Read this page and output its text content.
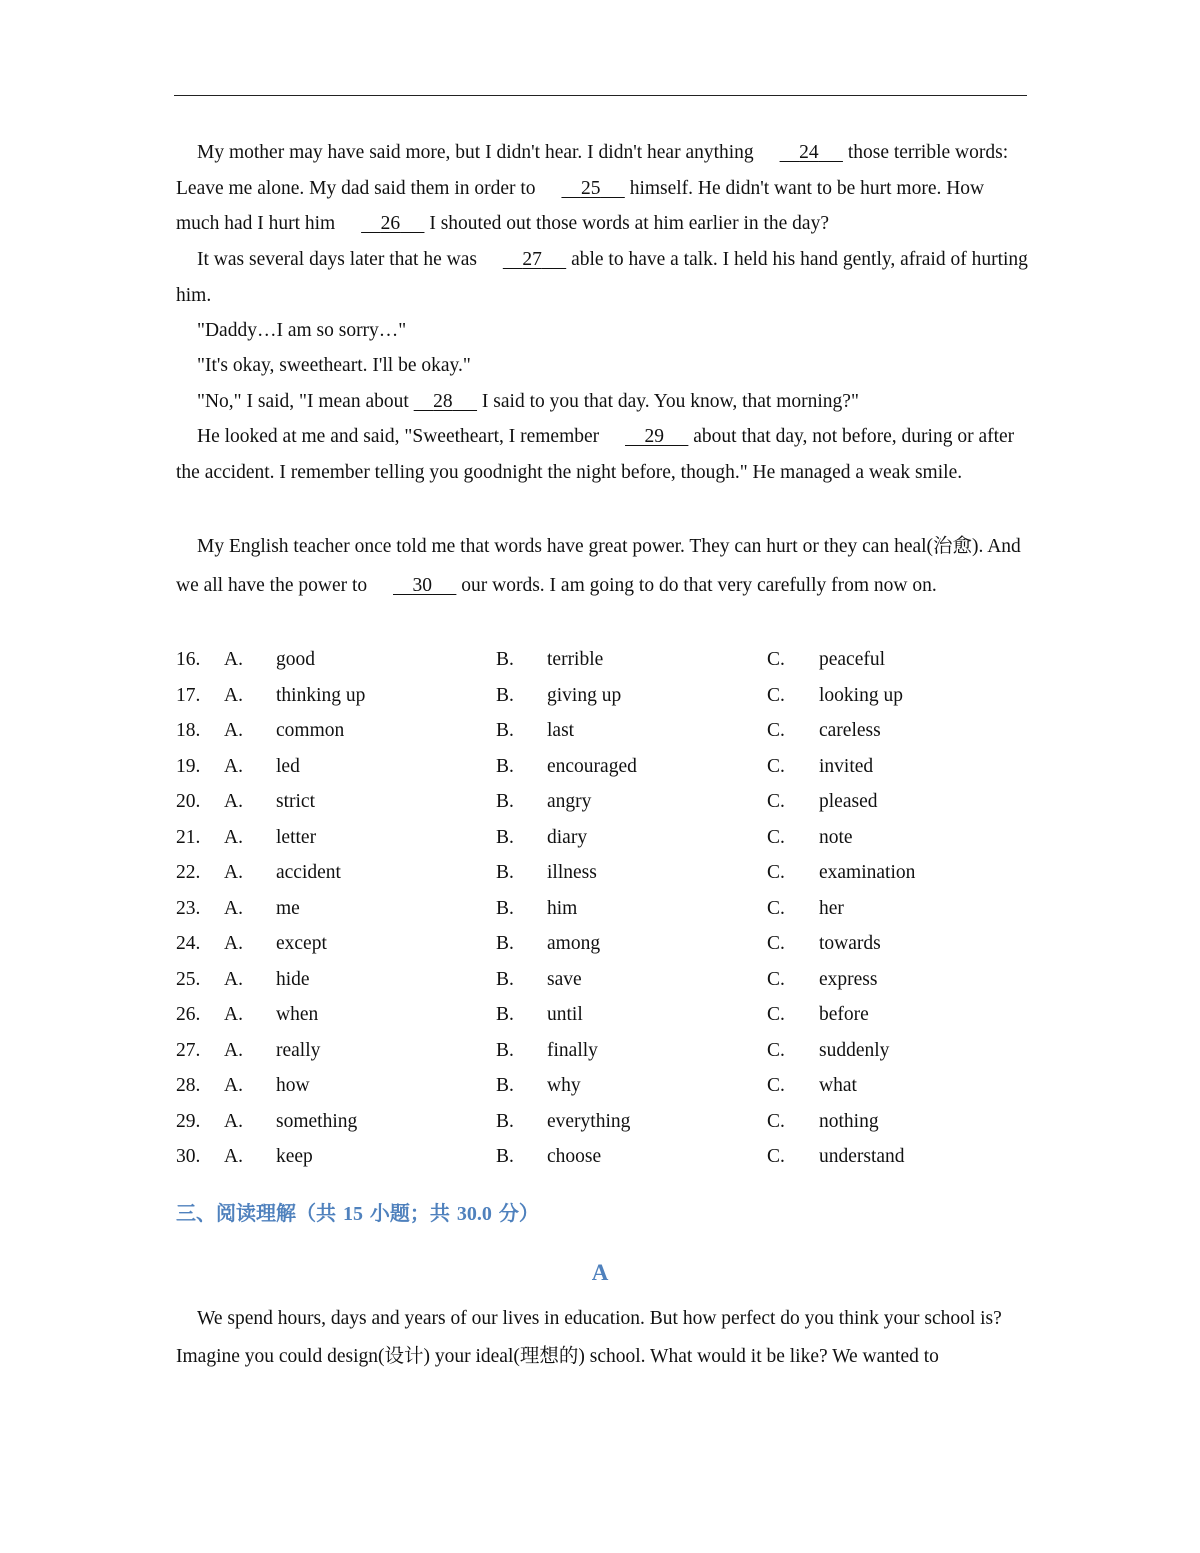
My mother may have said more, but I didn't hear. I didn't hear anything     24      those terrible words: Leave me alone. My dad said them in order to     25      himself. He didn't want to be hurt more. How much had I hurt him     26      I shouted out those words at him earlier in the day?
It was several days later that he was     27      able to have a talk. I held his hand gently, afraid of hurting him.
"Daddy…I am so sorry…"
"It's okay, sweetheart. I'll be okay."
"No," I said, "I mean about     28      I said to you that day. You know, that morning?"
He looked at me and said, "Sweetheart, I remember     29      about that day, not before, during or after the accident. I remember telling you goodnight the night before, though." He managed a weak smile.
My English teacher once told me that words have great power. They can hurt or they can heal(治愈). And we all have the power to     30      our words. I am going to do that very carefully from now on.
16. A. good	B. terrible	C. peaceful
17. A. thinking up	B. giving up	C. looking up
18. A. common	B. last	C. careless
19. A. led	B. encouraged	C. invited
20. A. strict	B. angry	C. pleased
21. A. letter	B. diary	C. note
22. A. accident	B. illness	C. examination
23. A. me	B. him	C. her
24. A. except	B. among	C. towards
25. A. hide	B. save	C. express
26. A. when	B. until	C. before
27. A. really	B. finally	C. suddenly
28. A. how	B. why	C. what
29. A. something	B. everything	C. nothing
30. A. keep	B. choose	C. understand
三、阅读理解（共 15 小题；共 30.0 分）
A
We spend hours, days and years of our lives in education. But how perfect do you think your school is? Imagine you could design(设计) your ideal(理想的) school. What would it be like? We wanted to
